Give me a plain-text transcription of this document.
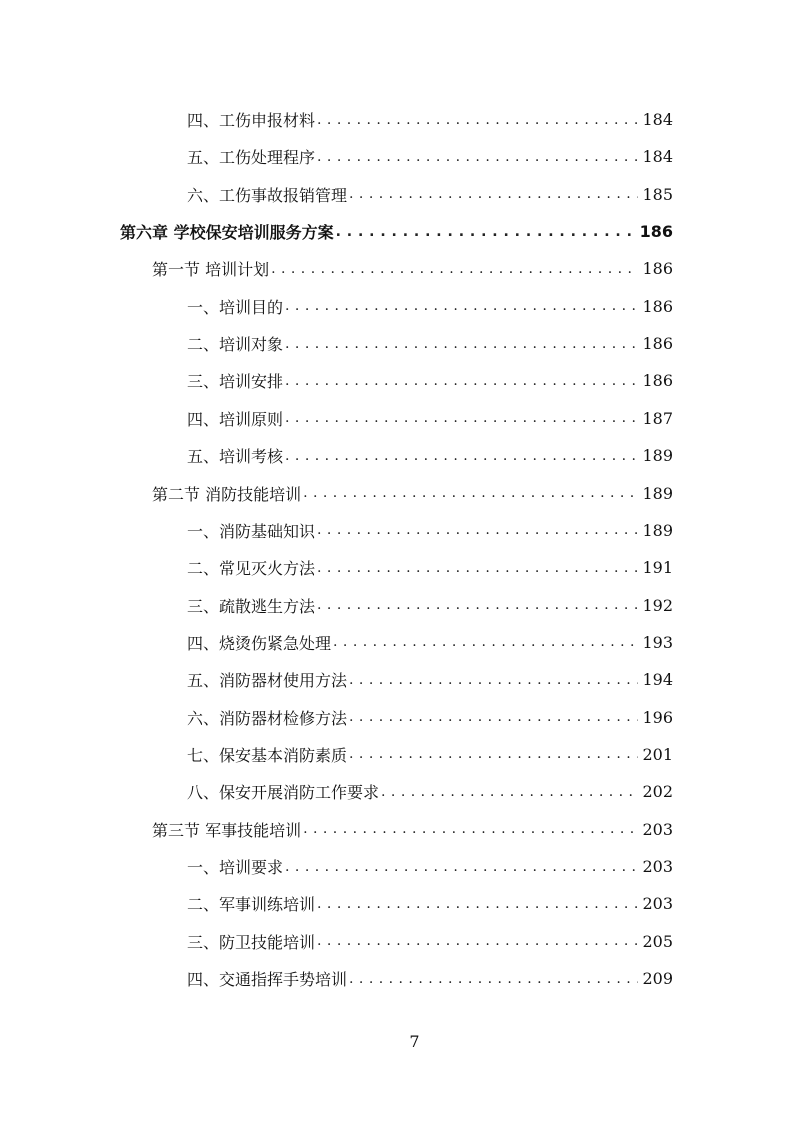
四、工伤申报材料 . . .	184
五、工伤处理程序 . . .	184
六、工伤事故报销管理 . . .	185
第六章 学校保安培训服务方案 . . .	186
第一节 培训计划 . . .	186
一、培训目的 . . .	186
二、培训对象 . . .	186
三、培训安排 . . .	186
四、培训原则 . . .	187
五、培训考核 . . .	189
第二节 消防技能培训 . . .	189
一、消防基础知识 . . .	189
二、常见灭火方法 . . .	191
三、疏散逃生方法 . . .	192
四、烧烫伤紧急处理 . . .	193
五、消防器材使用方法 . . .	194
六、消防器材检修方法 . . .	196
七、保安基本消防素质 . . .	201
八、保安开展消防工作要求 . . .	202
第三节 军事技能培训 . . .	203
一、培训要求 . . .	203
二、军事训练培训 . . .	203
三、防卫技能培训 . . .	205
四、交通指挥手势培训 . . .	209
7
